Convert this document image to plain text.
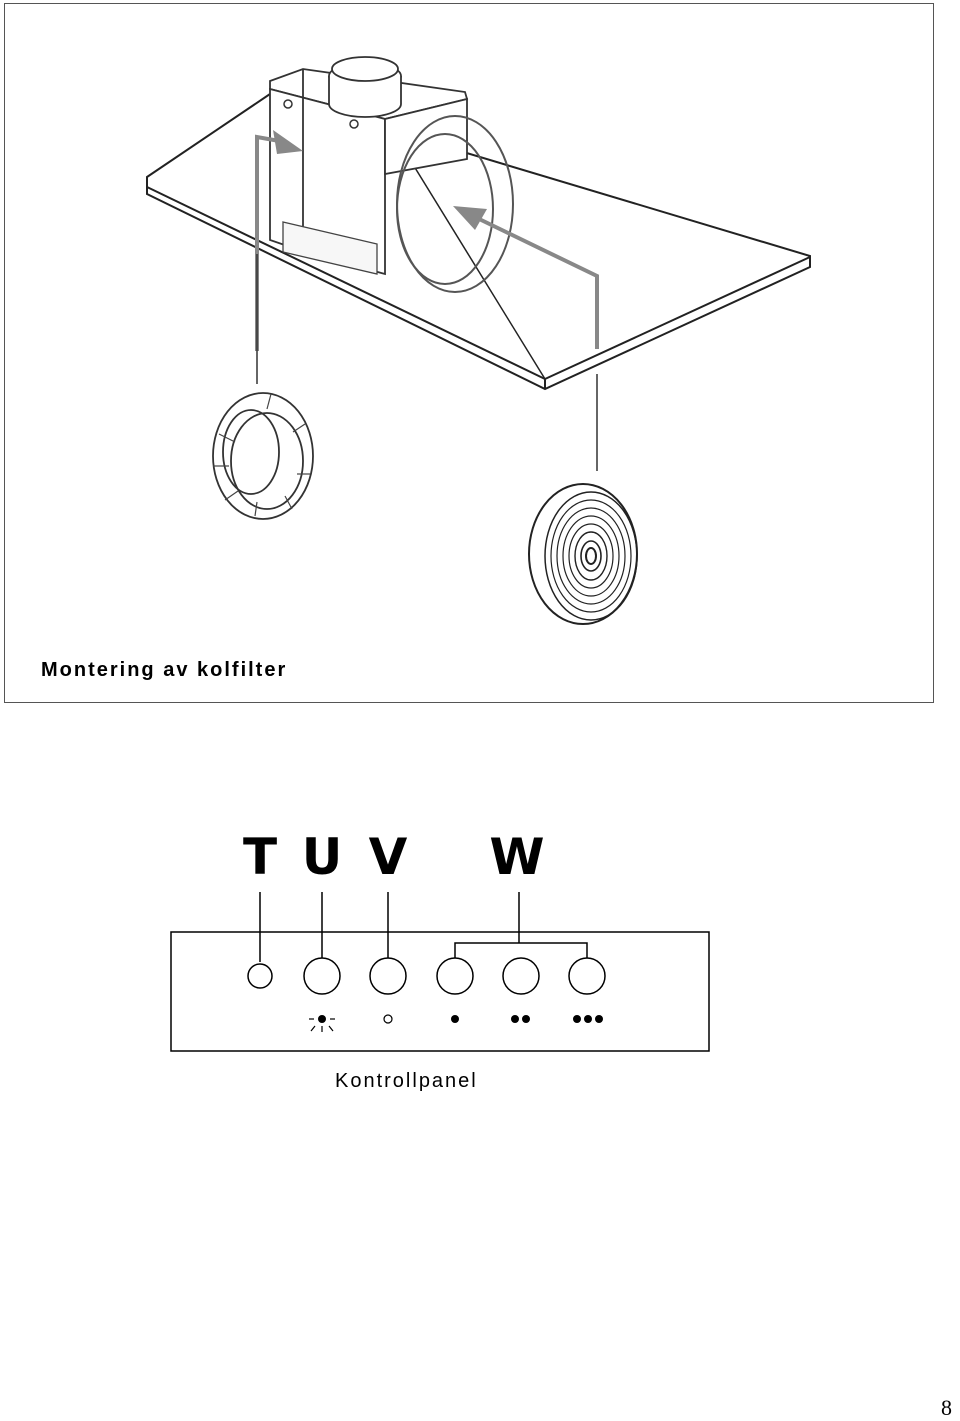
Montering av kolfilter
T U V W
Kontrollpanel
8
